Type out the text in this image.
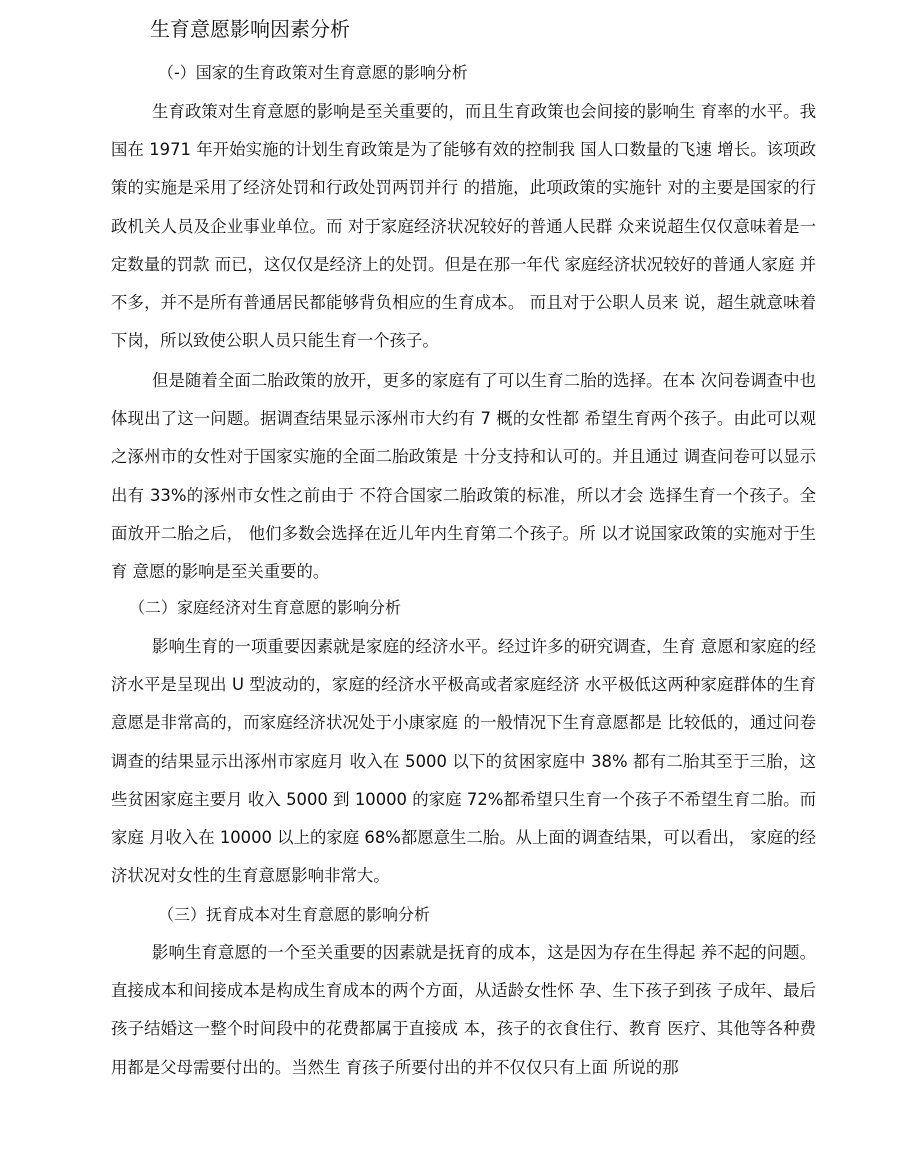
生育意愿影响因素分析
（-）国家的生育政策对生育意愿的影响分析

生育政策对生育意愿的影响是至关重要的，而且生育政策也会间接的影响生 育率的水平。我国在 1971 年开始实施的计划生育政策是为了能够有效的控制我 国人口数量的飞速 增长。该项政策的实施是采用了经济处罚和行政处罚两罚并行 的措施，此项政策的实施针 对的主要是国家的行政机关人员及企业事业单位。而 对于家庭经济状况较好的普通人民群 众来说超生仅仅意味着是一定数量的罚款 而已，这仅仅是经济上的处罚。但是在那一年代 家庭经济状况较好的普通人家庭 并不多，并不是所有普通居民都能够背负相应的生育成本。 而且对于公职人员来 说，超生就意味着下岗，所以致使公职人员只能生育一个孩子。

但是随着全面二胎政策的放开，更多的家庭有了可以生育二胎的选择。在本 次问卷调查中也体现出了这一问题。据调查结果显示涿州市大约有 7 概的女性都 希望生育两个孩子。由此可以观之涿州市的女性对于国家实施的全面二胎政策是 十分支持和认可的。并且通过 调查问卷可以显示出有 33%的涿州市女性之前由于 不符合国家二胎政策的标准，所以才会 选择生育一个孩子。全面放开二胎之后， 他们多数会选择在近儿年内生育第二个孩子。所 以才说国家政策的实施对于生育 意愿的影响是至关重要的。

（二）家庭经济对生育意愿的影响分析

影响生育的一项重要因素就是家庭的经济水平。经过许多的研究调查，生育 意愿和家庭的经济水平是呈现出 U 型波动的，家庭的经济水平极高或者家庭经济 水平极低这两种家庭群体的生育意愿是非常高的，而家庭经济状况处于小康家庭 的一般情况下生育意愿都是 比较低的，通过问卷调查的结果显示出涿州市家庭月 收入在 5000 以下的贫困家庭中 38% 都有二胎其至于三胎，这些贫困家庭主要月 收入 5000 到 10000 的家庭 72%都希望只生育一个孩子不希望生育二胎。而家庭 月收入在 10000 以上的家庭 68%都愿意生二胎。从上面的调查结果，可以看出， 家庭的经济状况对女性的生育意愿影响非常大。

（三）抚育成本对生育意愿的影响分析

影响生育意愿的一个至关重要的因素就是抚育的成本，这是因为存在生得起 养不起的问题。直接成本和间接成本是构成生育成本的两个方面，从适龄女性怀 孕、生下孩子到孩 子成年、最后孩子结婚这一整个时间段中的花费都属于直接成 本，孩子的衣食住行、教育 医疗、其他等各种费用都是父母需要付出的。当然生 育孩子所要付出的并不仅仅只有上面 所说的那
